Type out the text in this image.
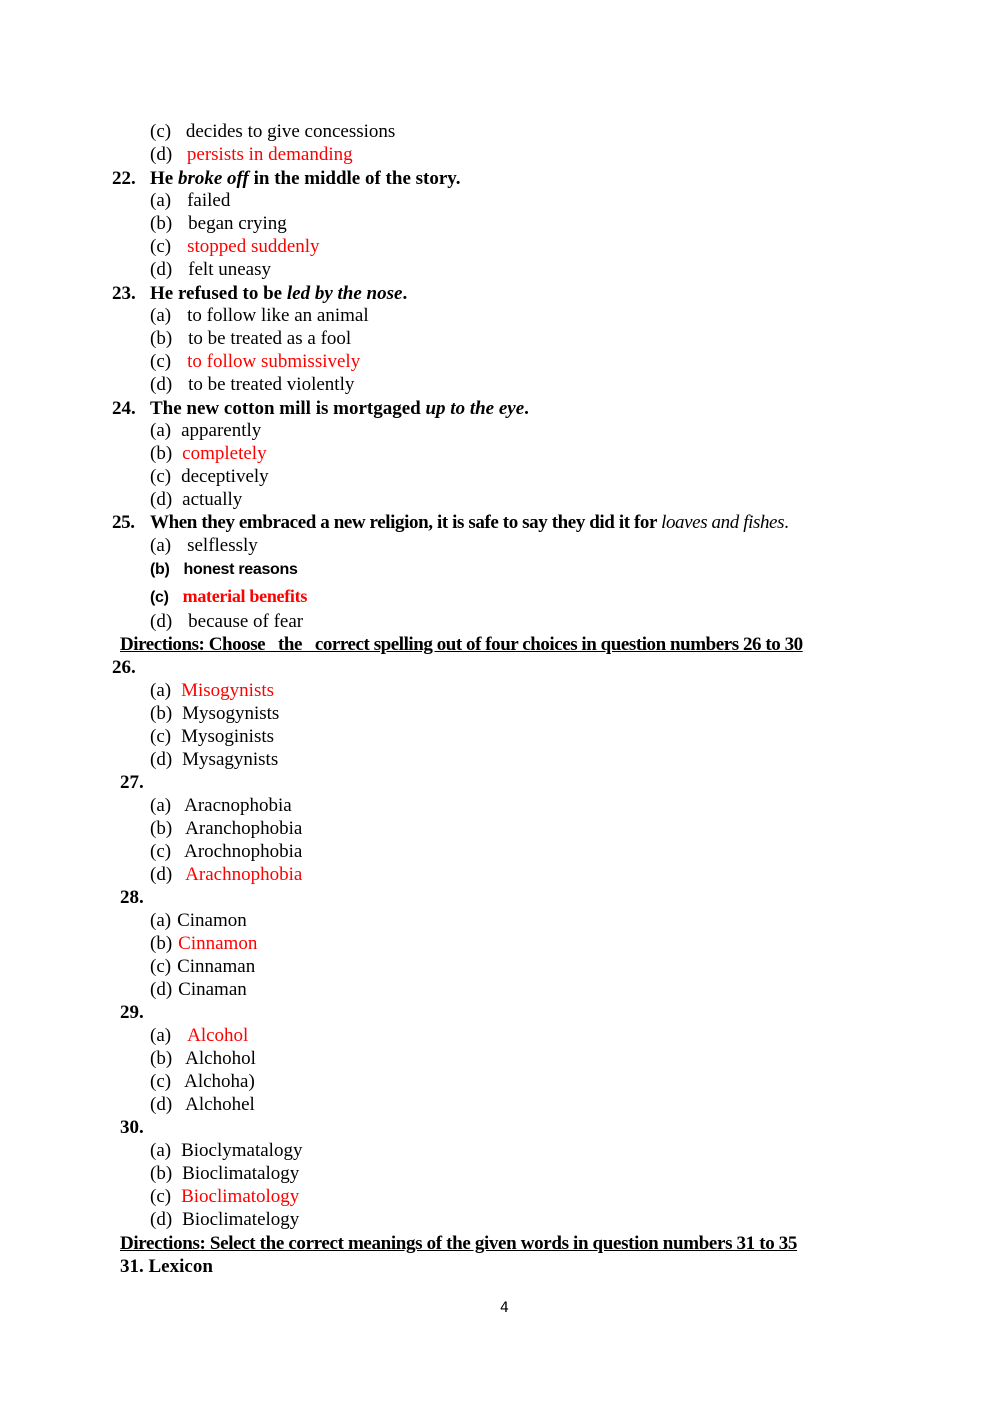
(c) decides to give concessions
(d) persists in demanding
22. He broke off in the middle of the story.
(a) failed
(b) began crying
(c) stopped suddenly
(d) felt uneasy
23. He refused to be led by the nose.
(a) to follow like an animal
(b) to be treated as a fool
(c) to follow submissively
(d) to be treated violently
24. The new cotton mill is mortgaged up to the eye.
(a) apparently
(b) completely
(c) deceptively
(d) actually
25. When they embraced a new religion, it is safe to say they did it for loaves and fishes.
(a) selflessly
(b) honest reasons
(c) material benefits
(d) because of fear
Directions: Choose   the   correct spelling out of four choices in question numbers 26 to 30
26.
(a) Misogynists
(b) Mysogynists
(c) Mysoginists
(d) Mysagynists
27.
(a) Aracnophobia
(b) Aranchophobia
(c) Arochnophobia
(d) Arachnophobia
28.
(a) Cinamon
(b) Cinnamon
(c) Cinnaman
(d) Cinaman
29.
(a) Alcohol
(b) Alchohol
(c) Alchoha)
(d) Alchohel
30.
(a) Bioclymatalogy
(b) Bioclimatalogy
(c) Bioclimatology
(d) Bioclimatelogy
Directions: Select the correct meanings of the given words in question numbers 31 to 35
31. Lexicon
4
